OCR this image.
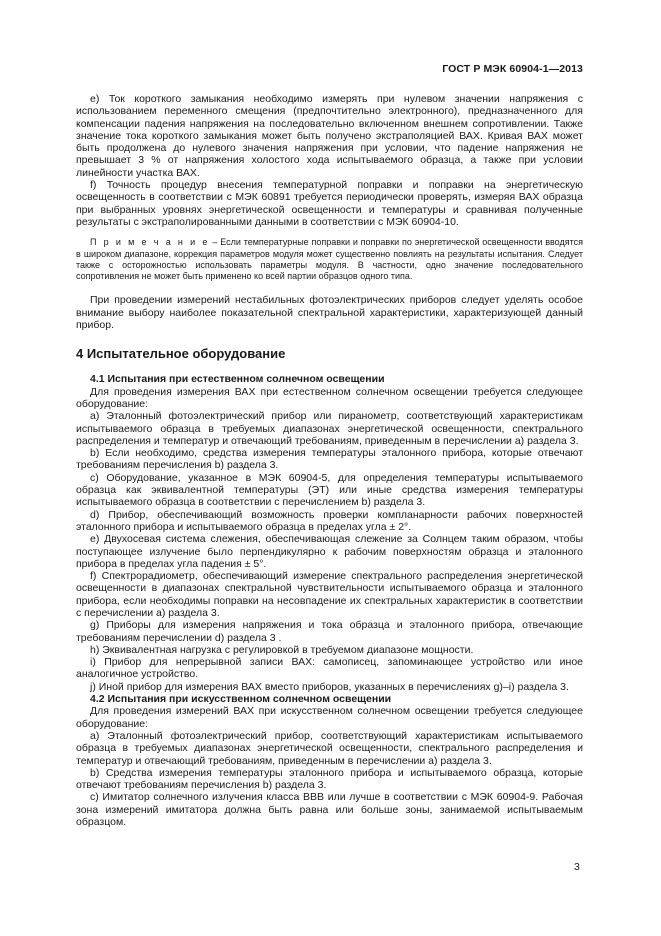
ГОСТ Р МЭК 60904-1—2013

е) Ток короткого замыкания необходимо измерять при нулевом значении напряжения с использованием переменного смещения (предпочтительно электронного), предназначенного для компенсации падения напряжения на последовательно включенном внешнем сопротивлении. Также значение тока короткого замыкания может быть получено экстраполяцией ВАХ. Кривая ВАХ может быть продолжена до нулевого значения напряжения при условии, что падение напряжения не превышает 3 % от напряжения холостого хода испытываемого образца, а также при условии линейности участка ВАХ.

f) Точность процедур внесения температурной поправки и поправки на энергетическую освещенность в соответствии с МЭК 60891 требуется периодически проверять, измеряя ВАХ образца при выбранных уровнях энергетической освещенности и температуры и сравнивая полученные результаты с экстраполированными данными в соответствии с МЭК 60904-10.

П р и м е ч а н и е – Если температурные поправки и поправки по энергетической освещенности вводятся в широком диапазоне, коррекция параметров модуля может существенно повлиять на результаты испытания. Следует также с осторожностью использовать параметры модуля. В частности, одно значение последовательного сопротивления не может быть применено ко всей партии образцов одного типа.

При проведении измерений нестабильных фотоэлектрических приборов следует уделять особое внимание выбору наиболее показательной спектральной характеристики, характеризующей данный прибор.

4 Испытательное оборудование
4.1 Испытания при естественном солнечном освещении

Для проведения измерения ВАХ при естественном солнечном освещении требуется следующее оборудование:

a) Эталонный фотоэлектрический прибор или пиранометр, соответствующий характеристикам испытываемого образца в требуемых диапазонах энергетической освещенности, спектрального распределения и температур и отвечающий требованиям, приведенным в перечислении a) раздела 3.

b) Если необходимо, средства измерения температуры эталонного прибора, которые отвечают требованиям перечисления b) раздела 3.

c) Оборудование, указанное в МЭК 60904-5, для определения температуры испытываемого образца как эквивалентной температуры (ЭТ) или иные средства измерения температуры испытываемого образца в соответствии с перечислением b) раздела 3.

d) Прибор, обеспечивающий возможность проверки компланарности рабочих поверхностей эталонного прибора и испытываемого образца в пределах угла ± 2°.

e) Двухосевая система слежения, обеспечивающая слежение за Солнцем таким образом, чтобы поступающее излучение было перпендикулярно к рабочим поверхностям образца и эталонного прибора в пределах угла падения ± 5°.

f) Спектрорадиометр, обеспечивающий измерение спектрального распределения энергетической освещенности в диапазонах спектральной чувствительности испытываемого образца и эталонного прибора, если необходимы поправки на несовпадение их спектральных характеристик в соответствии с перечислении a) раздела 3.

g) Приборы для измерения напряжения и тока образца и эталонного прибора, отвечающие требованиям перечислении d) раздела 3 .

h) Эквивалентная нагрузка с регулировкой в требуемом диапазоне мощности.

i) Прибор для непрерывной записи ВАХ: самописец, запоминающее устройство или иное аналогичное устройство.

j) Иной прибор для измерения ВАХ вместо приборов, указанных в перечислениях g)–i) раздела 3.

4.2 Испытания при искусственном солнечном освещении

Для проведения измерений ВАХ при искусственном солнечном освещении требуется следующее оборудование:

a) Эталонный фотоэлектрический прибор, соответствующий характеристикам испытываемого образца в требуемых диапазонах энергетической освещенности, спектрального распределения и температур и отвечающий требованиям, приведенным в перечислении a) раздела 3.

b) Средства измерения температуры эталонного прибора и испытываемого образца, которые отвечают требованиям перечисления b) раздела 3.

c) Имитатор солнечного излучения класса ВВВ или лучше в соответствии с МЭК 60904-9. Рабочая зона измерений имитатора должна быть равна или больше зоны, занимаемой испытываемым образцом.

3
